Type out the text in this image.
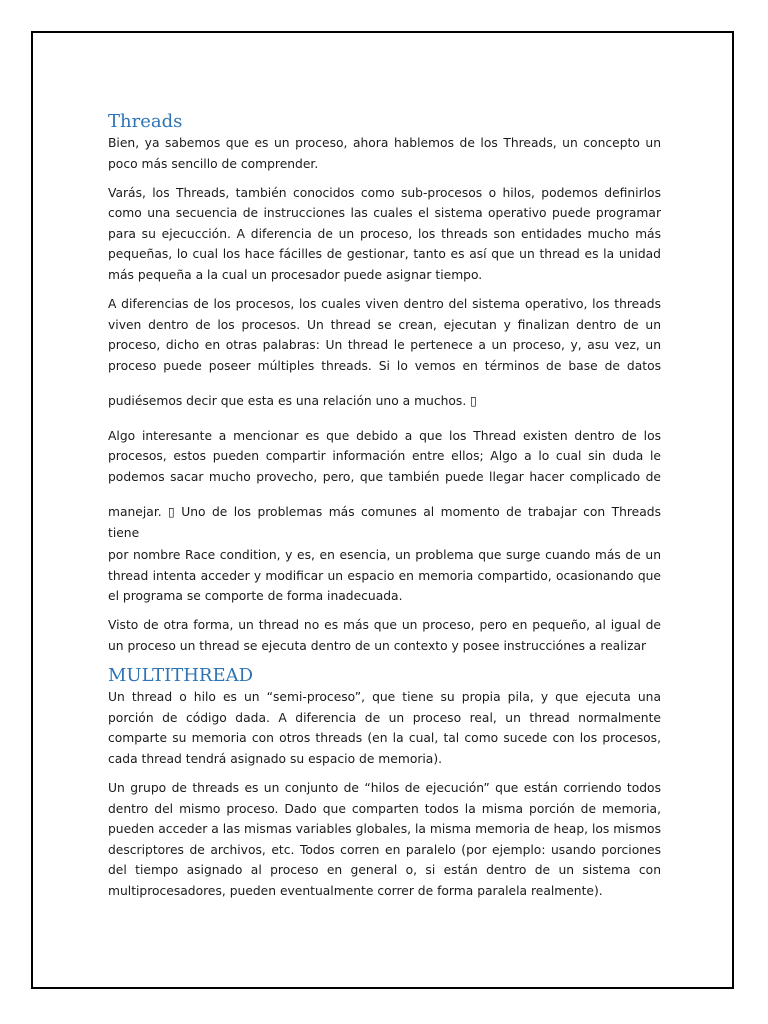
Threads

Bien, ya sabemos que es un proceso, ahora hablemos de los Threads, un concepto un poco más sencillo de comprender.

Varás, los Threads, también conocidos como sub-procesos o hilos, podemos definirlos como una secuencia de instrucciones las cuales el sistema operativo puede programar para su ejecucción. A diferencia de un proceso, los threads son entidades mucho más pequeñas, lo cual los hace fácilles de gestionar, tanto es así que un thread es la unidad más pequeña a la cual un procesador puede asignar tiempo.

A diferencias de los procesos, los cuales viven dentro del sistema operativo, los threads viven dentro de los procesos. Un thread se crean, ejecutan y finalizan dentro de un proceso, dicho en otras palabras: Un thread le pertenece a un proceso, y, asu vez, un proceso puede poseer múltiples threads. Si lo vemos en términos de base de datos

pudiésemos decir que esta es una relación uno a muchos. ▯

Algo interesante a mencionar es que debido a que los Thread existen dentro de los procesos, estos pueden compartir información entre ellos; Algo a lo cual sin duda le podemos sacar mucho provecho, pero, que también puede llegar hacer complicado de

manejar. ▯ Uno de los problemas más comunes al momento de trabajar con Threads tiene

por nombre Race condition, y es, en esencia, un problema que surge cuando más de un thread intenta acceder y modificar un espacio en memoria compartido, ocasionando que el programa se comporte de forma inadecuada.

Visto de otra forma, un thread no es más que un proceso, pero en pequeño, al igual de un proceso un thread se ejecuta dentro de un contexto y posee instrucciónes a realizar

MULTITHREAD

Un thread o hilo es un “semi-proceso”, que tiene su propia pila, y que ejecuta una porción de código dada. A diferencia de un proceso real, un thread normalmente comparte su memoria con otros threads (en la cual, tal como sucede con los procesos, cada thread tendrá asignado su espacio de memoria).

Un grupo de threads es un conjunto de “hilos de ejecución” que están corriendo todos dentro del mismo proceso. Dado que comparten todos la misma porción de memoria, pueden acceder a las mismas variables globales, la misma memoria de heap, los mismos descriptores de archivos, etc. Todos corren en paralelo (por ejemplo: usando porciones del tiempo asignado al proceso en general o, si están dentro de un sistema con multiprocesadores, pueden eventualmente correr de forma paralela realmente).
